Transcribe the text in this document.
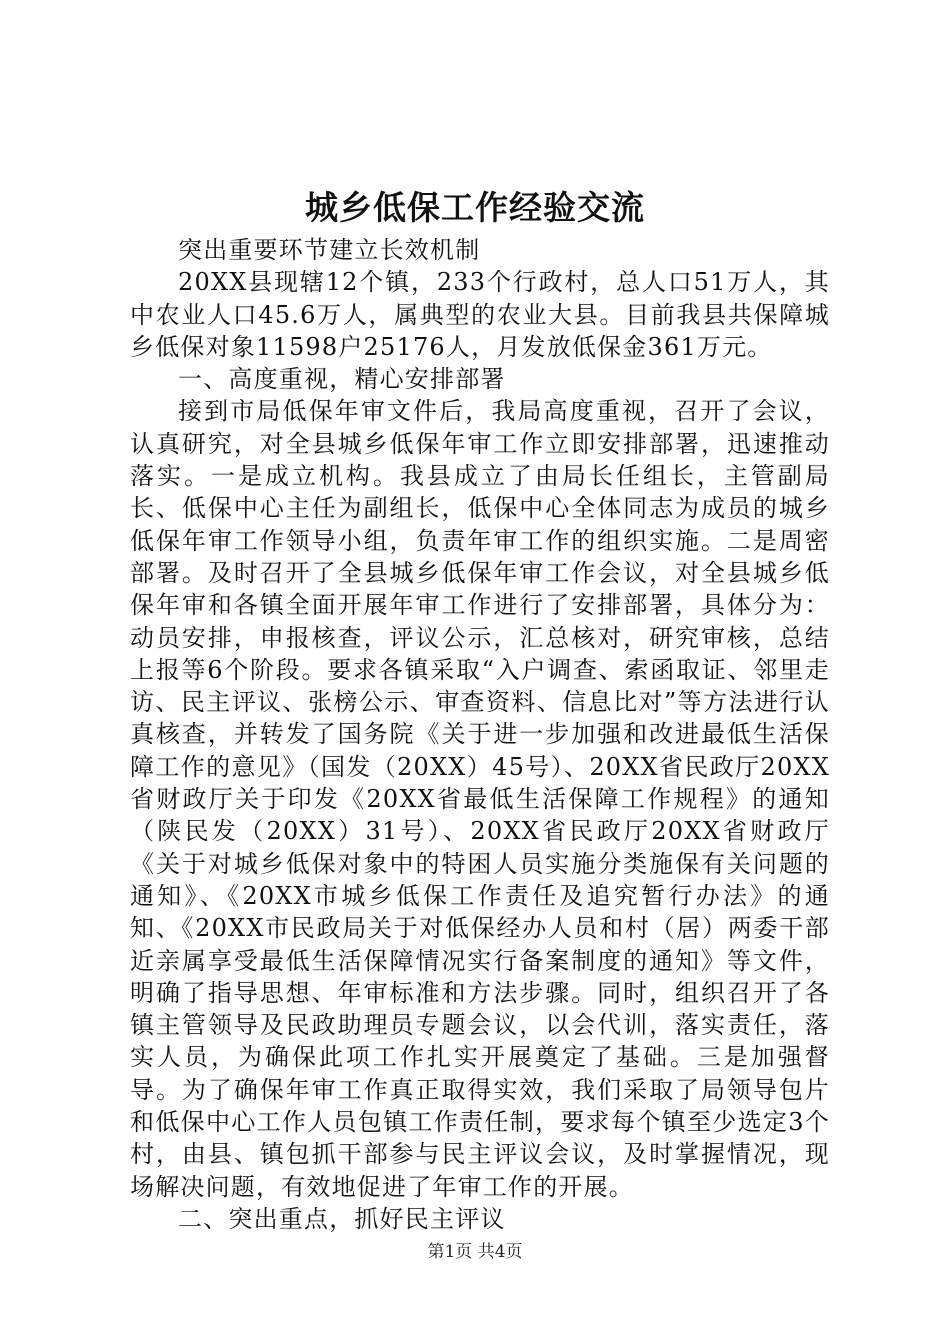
城乡低保工作经验交流

突出重要环节建立长效机制

20XX县现辖12个镇，233个行政村，总人口51万人，其中农业人口45.6万人，属典型的农业大县。目前我县共保障城乡低保对象11598户25176人，月发放低保金361万元。

一、高度重视，精心安排部署

接到市局低保年审文件后，我局高度重视，召开了会议，认真研究，对全县城乡低保年审工作立即安排部署，迅速推动落实。一是成立机构。我县成立了由局长任组长，主管副局长、低保中心主任为副组长，低保中心全体同志为成员的城乡低保年审工作领导小组，负责年审工作的组织实施。二是周密部署。及时召开了全县城乡低保年审工作会议，对全县城乡低保年审和各镇全面开展年审工作进行了安排部署，具体分为：动员安排，申报核查，评议公示，汇总核对，研究审核，总结上报等6个阶段。要求各镇采取“入户调查、索函取证、邻里走访、民主评议、张榜公示、审查资料、信息比对”等方法进行认真核查，并转发了国务院《关于进一步加强和改进最低生活保障工作的意见》（国发（20XX）45号）、20XX省民政厅20XX省财政厅关于印发《20XX省最低生活保障工作规程》的通知（陕民发（20XX）31号）、20XX省民政厅20XX省财政厅《关于对城乡低保对象中的特困人员实施分类施保有关问题的通知》、《20XX市城乡低保工作责任及追究暂行办法》的通知、《20XX市民政局关于对低保经办人员和村（居）两委干部近亲属享受最低生活保障情况实行备案制度的通知》等文件，明确了指导思想、年审标准和方法步骤。同时，组织召开了各镇主管领导及民政助理员专题会议，以会代训，落实责任，落实人员，为确保此项工作扎实开展奠定了基础。三是加强督导。为了确保年审工作真正取得实效，我们采取了局领导包片和低保中心工作人员包镇工作责任制，要求每个镇至少选定3个村，由县、镇包抓干部参与民主评议会议，及时掌握情况，现场解决问题，有效地促进了年审工作的开展。

二、突出重点，抓好民主评议

第1页 共4页
